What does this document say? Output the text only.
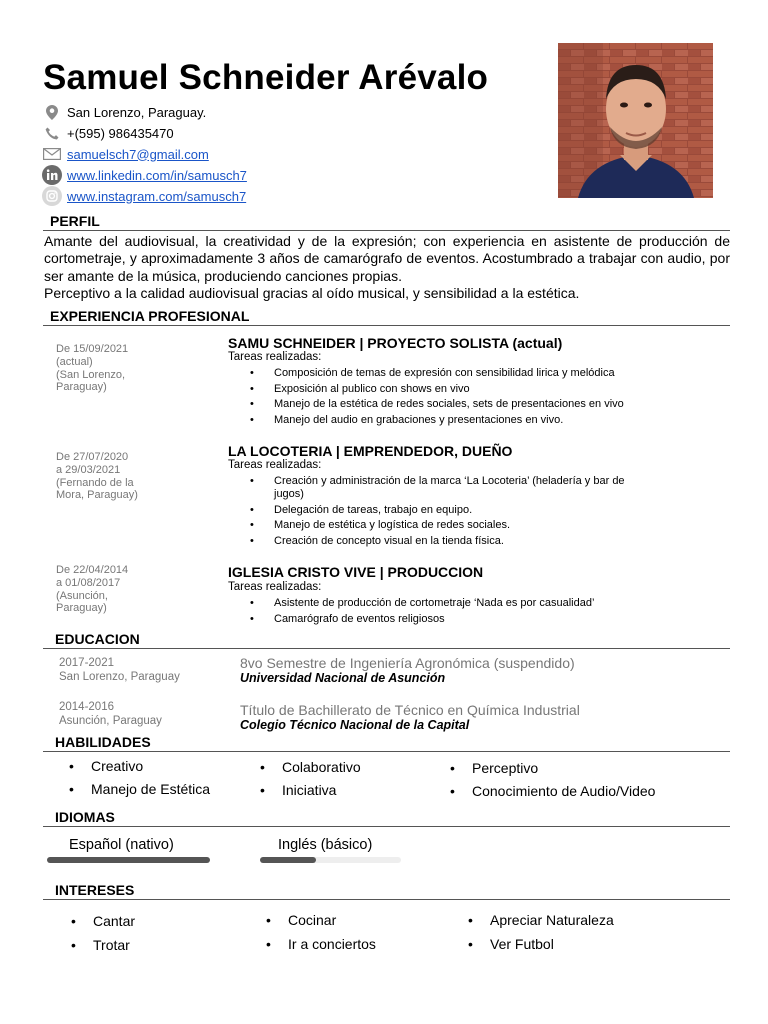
Samuel Schneider Arévalo
San Lorenzo, Paraguay.
+(595) 986435470
samuelsch7@gmail.com
www.linkedin.com/in/samusch7
www.instagram.com/samusch7
PERFIL

Amante del audiovisual, la creatividad y de la expresión; con experiencia en asistente de producción de cortometraje, y aproximadamente 3 años de camarógrafo de eventos. Acostumbrado a trabajar con audio, por ser amante de la música, produciendo canciones propias.

Perceptivo a la calidad audiovisual gracias al oído musical, y sensibilidad a la estética.

EXPERIENCIA PROFESIONAL
De 15/09/2021
(actual)
(San Lorenzo,
Paraguay)
SAMU SCHNEIDER | PROYECTO SOLISTA (actual)
Tareas realizadas:
• Composición de temas de expresión con sensibilidad lirica y melódica
• Exposición al publico con shows en vivo
• Manejo de la estética de redes sociales, sets de presentaciones en vivo
• Manejo del audio en grabaciones y presentaciones en vivo.
De 27/07/2020
a 29/03/2021
(Fernando de la
Mora, Paraguay)
LA LOCOTERIA | EMPRENDEDOR, DUEÑO
Tareas realizadas:
• Creación y administración de la marca ‘La Locoteria’ (heladería y bar de jugos)
• Delegación de tareas, trabajo en equipo.
• Manejo de estética y logística de redes sociales.
• Creación de concepto visual en la tienda física.
De 22/04/2014
a 01/08/2017
(Asunción,
Paraguay)
IGLESIA CRISTO VIVE | PRODUCCION
Tareas realizadas:
• Asistente de producción de cortometraje ‘Nada es por casualidad’
• Camarógrafo de eventos religiosos
EDUCACION
2017-2021
San Lorenzo, Paraguay
8vo Semestre de Ingeniería Agronómica (suspendido)
Universidad Nacional de Asunción
2014-2016
Asunción, Paraguay
Título de Bachillerato de Técnico en Química Industrial
Colegio Técnico Nacional de la Capital
HABILIDADES
• Creativo
• Manejo de Estética
• Colaborativo
• Iniciativa
• Perceptivo
• Conocimiento de Audio/Video
IDIOMAS
Español (nativo)	Inglés (básico)
INTERESES
• Cantar
• Trotar
• Cocinar
• Ir a conciertos
• Apreciar Naturaleza
• Ver Futbol
